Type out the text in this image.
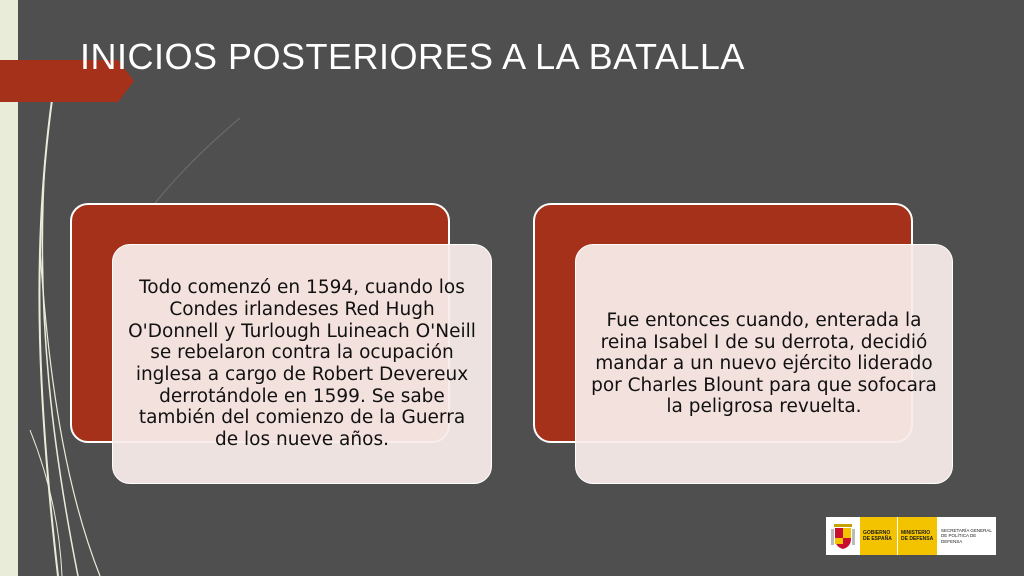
INICIOS POSTERIORES A LA BATALLA
Todo comenzó en 1594, cuando los Condes irlandeses Red Hugh O'Donnell y Turlough Luineach O'Neill se rebelaron contra la ocupación inglesa a cargo de Robert Devereux derrotándole en 1599. Se sabe también del comienzo de la Guerra de los nueve años.
Fue entonces cuando, enterada la reina Isabel I de su derrota, decidió mandar a un nuevo ejército liderado por Charles Blount para que sofocara la peligrosa revuelta.
GOBIERNO DE ESPAÑA
MINISTERIO DE DEFENSA
SECRETARÍA GENERAL DE POLÍTICA DE DEFENSA
